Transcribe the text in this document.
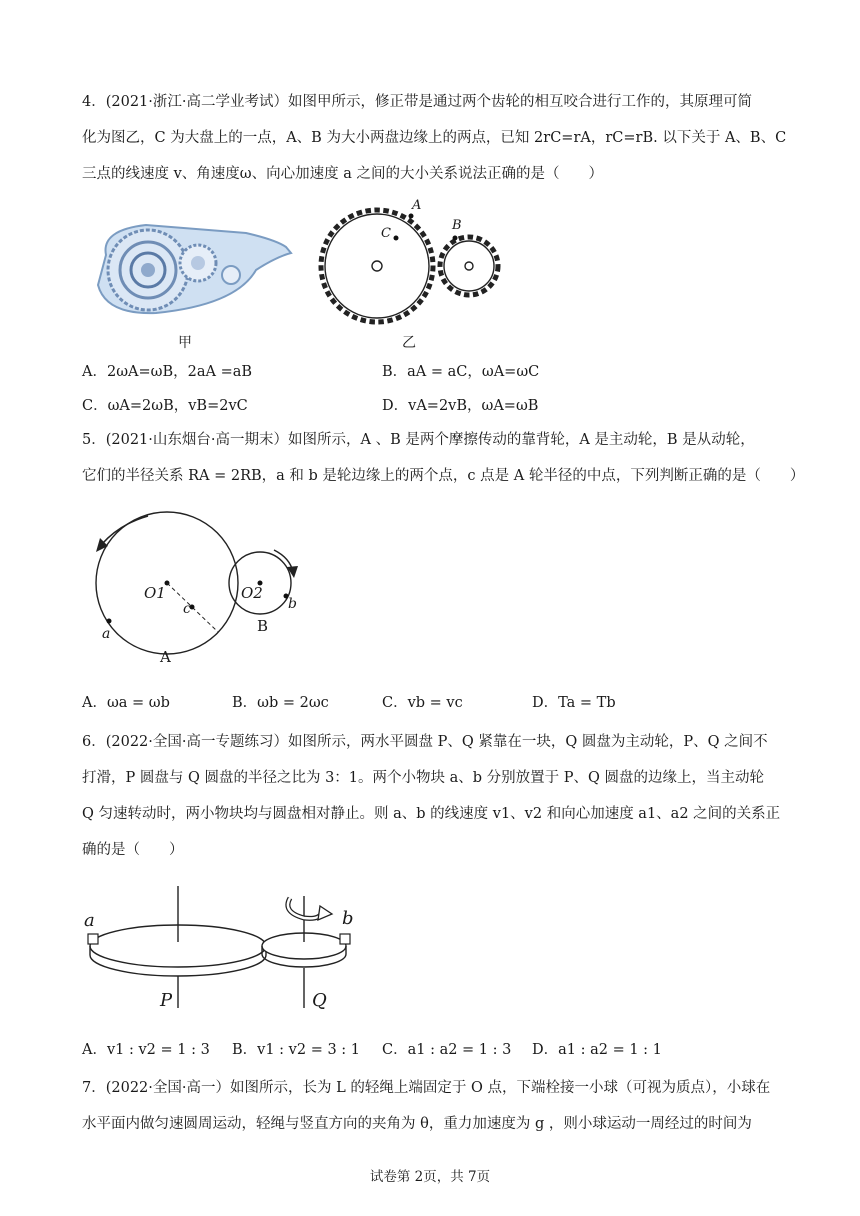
4．(2021·浙江·高二学业考试）如图甲所示，修正带是通过两个齿轮的相互咬合进行工作的，其原理可简
化为图乙，C 为大盘上的一点，A、B 为大小两盘边缘上的两点，已知 2rC=rA，rC=rB. 以下关于 A、B、C
三点的线速度 v、角速度ω、向心加速度 a 之间的大小关系说法正确的是（　　）
甲
A
B
C
乙
A．2ωA=ωB，2aA =aB	B．aA = aC，ωA=ωC
C．ωA=2ωB，vB=2vC	D．vA=2vB，ωA=ωB
5．(2021·山东烟台·高一期末）如图所示，A 、B 是两个摩擦传动的靠背轮，A 是主动轮，B 是从动轮，
它们的半径关系 RA = 2RB，a 和 b 是轮边缘上的两个点，c 点是 A 轮半径的中点，下列判断正确的是（　　）
O1
c
O2
b
a
A
B
A．ωa = ωb	B．ωb = 2ωc	C．vb = vc	D．Ta = Tb
6．(2022·全国·高一专题练习）如图所示，两水平圆盘 P、Q 紧靠在一块，Q 圆盘为主动轮，P、Q 之间不
打滑，P 圆盘与 Q 圆盘的半径之比为 3：1。两个小物块 a、b 分别放置于 P、Q 圆盘的边缘上，当主动轮
Q 匀速转动时，两小物块均与圆盘相对静止。则 a、b 的线速度 v1、v2 和向心加速度 a1、a2 之间的关系正
确的是（　　）
a	b
P	Q
A．v1 : v2 = 1 : 3 B．v1 : v2 = 3 : 1 C．a1 : a2 = 1 : 3 D．a1 : a2 = 1 : 1
7．(2022·全国·高一）如图所示，长为 L 的轻绳上端固定于 O 点，下端栓接一小球（可视为质点），小球在
水平面内做匀速圆周运动，轻绳与竖直方向的夹角为 θ，重力加速度为 g ，则小球运动一周经过的时间为
试卷第 2页，共 7页
